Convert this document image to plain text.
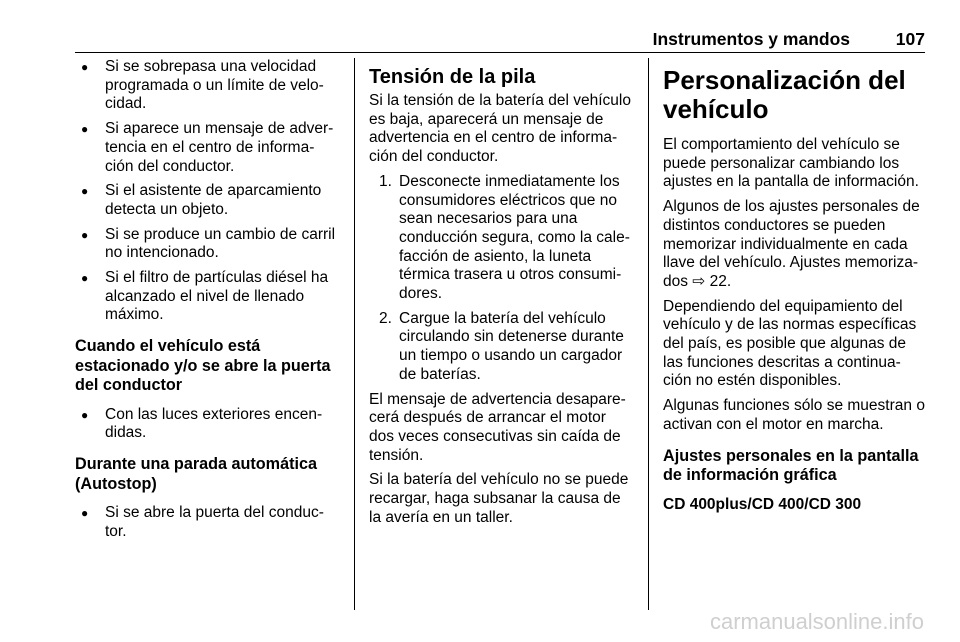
Instrumentos y mandos	107
● Si se sobrepasa una velocidad programada o un límite de velo-cidad.
● Si aparece un mensaje de adver-tencia en el centro de informa-ción del conductor.
● Si el asistente de aparcamiento detecta un objeto.
● Si se produce un cambio de carril no intencionado.
● Si el filtro de partículas diésel ha alcanzado el nivel de llenado máximo.
Cuando el vehículo está estacionado y/o se abre la puerta del conductor
● Con las luces exteriores encen-didas.
Durante una parada automática (Autostop)
● Si se abre la puerta del conduc-tor.
Tensión de la pila

Si la tensión de la batería del vehículo es baja, aparecerá un mensaje de advertencia en el centro de informa-ción del conductor.

1. Desconecte inmediatamente los consumidores eléctricos que no sean necesarios para una conducción segura, como la cale-facción de asiento, la luneta térmica trasera u otros consumi-dores.
2. Cargue la batería del vehículo circulando sin detenerse durante un tiempo o usando un cargador de baterías.

El mensaje de advertencia desapare-cerá después de arrancar el motor dos veces consecutivas sin caída de tensión.

Si la batería del vehículo no se puede recargar, haga subsanar la causa de la avería en un taller.

Personalización del vehículo

El comportamiento del vehículo se puede personalizar cambiando los ajustes en la pantalla de información.

Algunos de los ajustes personales de distintos conductores se pueden memorizar individualmente en cada llave del vehículo. Ajustes memoriza-dos ⇨ 22.

Dependiendo del equipamiento del vehículo y de las normas específicas del país, es posible que algunas de las funciones descritas a continua-ción no estén disponibles.

Algunas funciones sólo se muestran o activan con el motor en marcha.

Ajustes personales en la pantalla de información gráfica
CD 400plus/CD 400/CD 300
carmanualsonline.info
